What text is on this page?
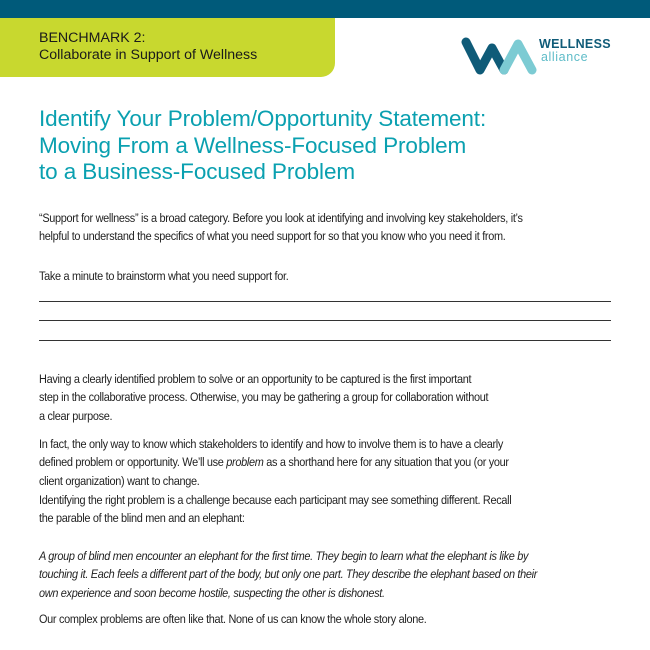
BENCHMARK 2:
Collaborate in Support of Wellness
WELLNESS
alliance
Identify Your Problem/Opportunity Statement:
Moving From a Wellness-Focused Problem
to a Business-Focused Problem
“Support for wellness” is a broad category. Before you look at identifying and involving key stakeholders, it’s
helpful to understand the specifics of what you need support for so that you know who you need it from.
Take a minute to brainstorm what you need support for.
Having a clearly identified problem to solve or an opportunity to be captured is the first important
step in the collaborative process. Otherwise, you may be gathering a group for collaboration without
a clear purpose.
In fact, the only way to know which stakeholders to identify and how to involve them is to have a clearly
defined problem or opportunity. We’ll use problem as a shorthand here for any situation that you (or your
client organization) want to change.
Identifying the right problem is a challenge because each participant may see something different. Recall
the parable of the blind men and an elephant:
A group of blind men encounter an elephant for the first time. They begin to learn what the elephant is like by
touching it. Each feels a different part of the body, but only one part. They describe the elephant based on their
own experience and soon become hostile, suspecting the other is dishonest.
Our complex problems are often like that. None of us can know the whole story alone.
